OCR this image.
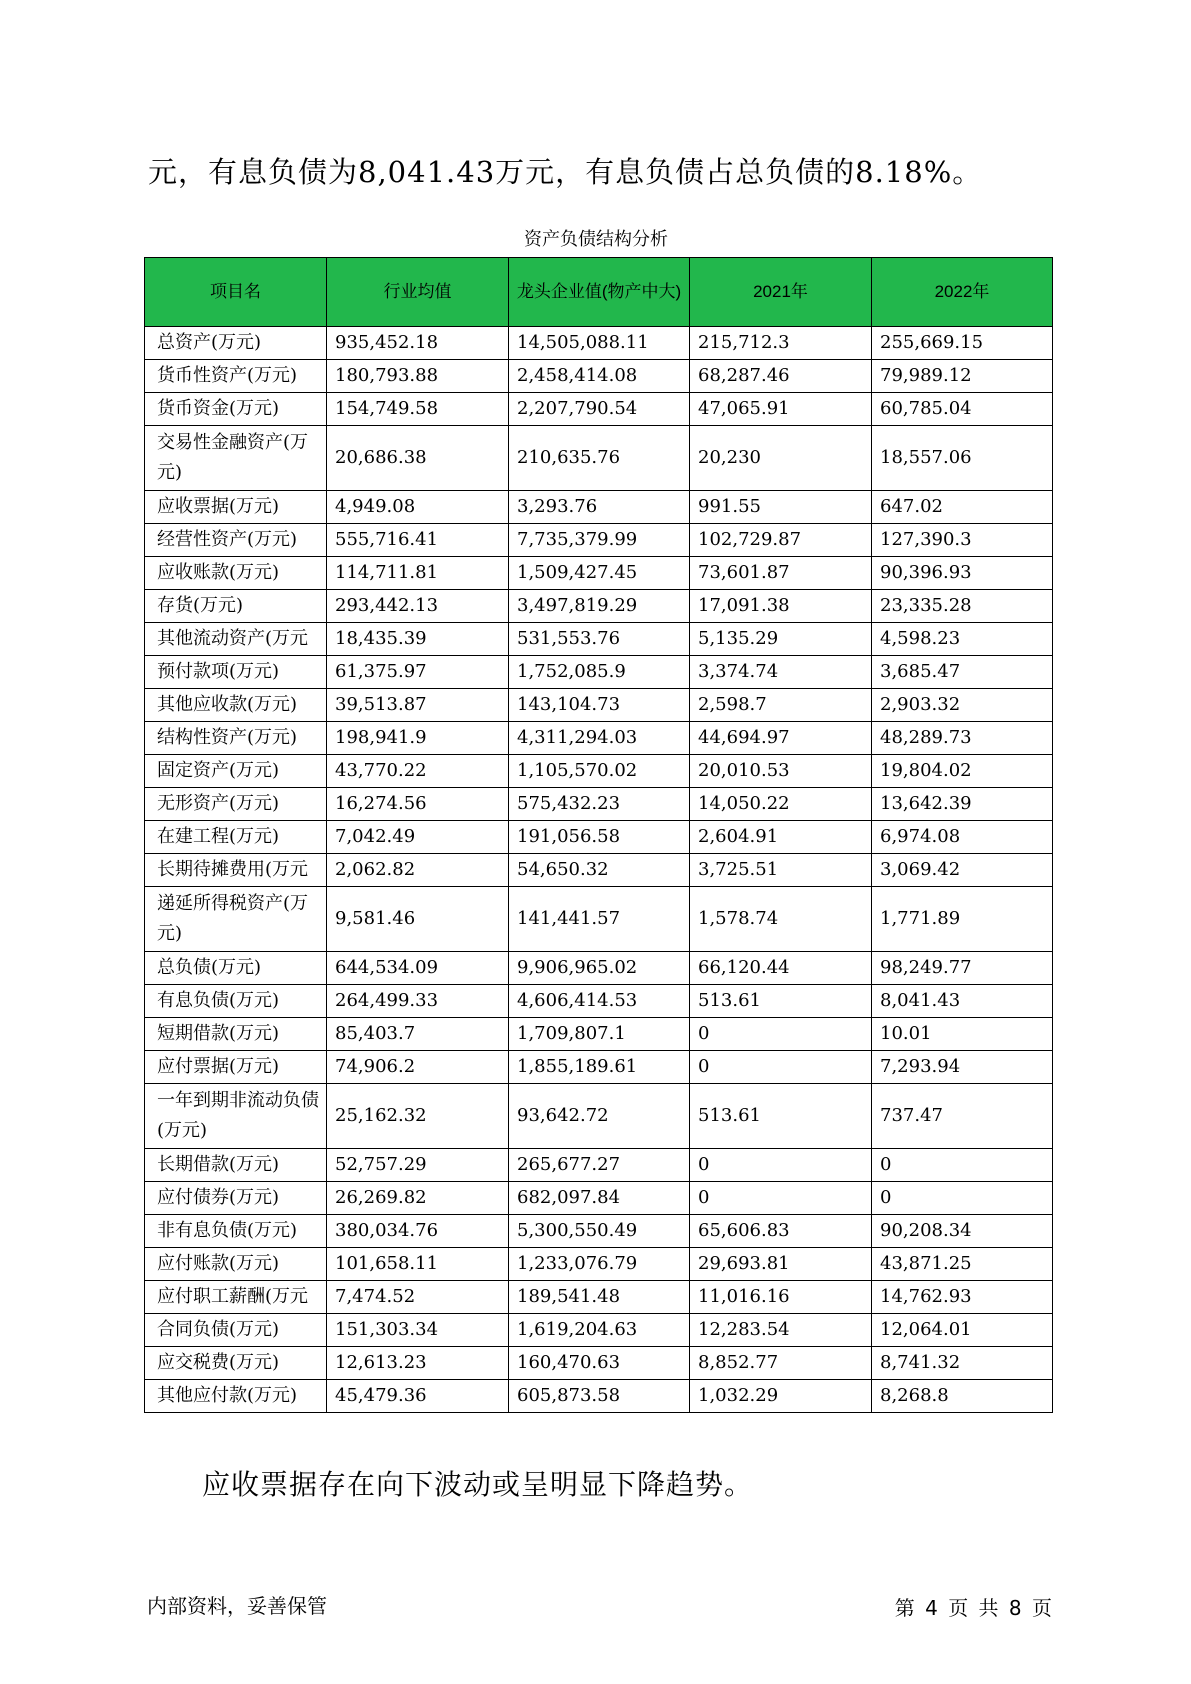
元，有息负债为8,041.43万元，有息负债占总负债的8.18%。
资产负债结构分析
项目名	行业均值	龙头企业值(物产中大)	2021年	2022年
总资产(万元)	935,452.18	14,505,088.11	215,712.3	255,669.15
货币性资产(万元)	180,793.88	2,458,414.08	68,287.46	79,989.12
货币资金(万元)	154,749.58	2,207,790.54	47,065.91	60,785.04
交易性金融资产(万元)	20,686.38	210,635.76	20,230	18,557.06
应收票据(万元)	4,949.08	3,293.76	991.55	647.02
经营性资产(万元)	555,716.41	7,735,379.99	102,729.87	127,390.3
应收账款(万元)	114,711.81	1,509,427.45	73,601.87	90,396.93
存货(万元)	293,442.13	3,497,819.29	17,091.38	23,335.28
其他流动资产(万元	18,435.39	531,553.76	5,135.29	4,598.23
预付款项(万元)	61,375.97	1,752,085.9	3,374.74	3,685.47
其他应收款(万元)	39,513.87	143,104.73	2,598.7	2,903.32
结构性资产(万元)	198,941.9	4,311,294.03	44,694.97	48,289.73
固定资产(万元)	43,770.22	1,105,570.02	20,010.53	19,804.02
无形资产(万元)	16,274.56	575,432.23	14,050.22	13,642.39
在建工程(万元)	7,042.49	191,056.58	2,604.91	6,974.08
长期待摊费用(万元	2,062.82	54,650.32	3,725.51	3,069.42
递延所得税资产(万元)	9,581.46	141,441.57	1,578.74	1,771.89
总负债(万元)	644,534.09	9,906,965.02	66,120.44	98,249.77
有息负债(万元)	264,499.33	4,606,414.53	513.61	8,041.43
短期借款(万元)	85,403.7	1,709,807.1	0	10.01
应付票据(万元)	74,906.2	1,855,189.61	0	7,293.94
一年到期非流动负债(万元)	25,162.32	93,642.72	513.61	737.47
长期借款(万元)	52,757.29	265,677.27	0	0
应付债券(万元)	26,269.82	682,097.84	0	0
非有息负债(万元)	380,034.76	5,300,550.49	65,606.83	90,208.34
应付账款(万元)	101,658.11	1,233,076.79	29,693.81	43,871.25
应付职工薪酬(万元	7,474.52	189,541.48	11,016.16	14,762.93
合同负债(万元)	151,303.34	1,619,204.63	12,283.54	12,064.01
应交税费(万元)	12,613.23	160,470.63	8,852.77	8,741.32
其他应付款(万元)	45,479.36	605,873.58	1,032.29	8,268.8
应收票据存在向下波动或呈明显下降趋势。
内部资料，妥善保管	第 4 页 共 8 页
